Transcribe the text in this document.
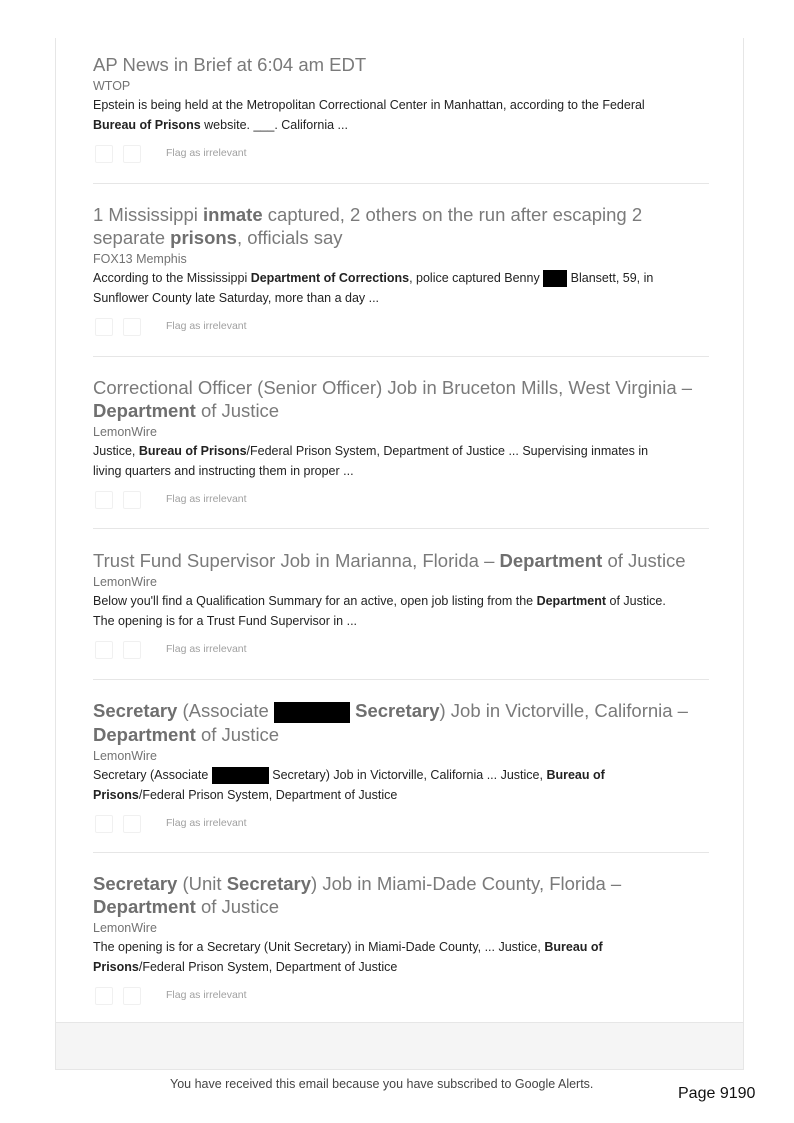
AP News in Brief at 6:04 am EDT
WTOP
Epstein is being held at the Metropolitan Correctional Center in Manhattan, according to the Federal
Bureau of Prisons website. ___. California ...
Flag as irrelevant
1 Mississippi inmate captured, 2 others on the run after escaping 2 separate prisons, officials say
FOX13 Memphis
According to the Mississippi Department of Corrections, police captured Benny  Blansett, 59, in
Sunflower County late Saturday, more than a day ...
Flag as irrelevant
Correctional Officer (Senior Officer) Job in Bruceton Mills, West Virginia – Department of Justice
LemonWire
Justice, Bureau of Prisons/Federal Prison System, Department of Justice ... Supervising inmates in
living quarters and instructing them in proper ...
Flag as irrelevant
Trust Fund Supervisor Job in Marianna, Florida – Department of Justice
LemonWire
Below you'll find a Qualification Summary for an active, open job listing from the Department of Justice.
The opening is for a Trust Fund Supervisor in ...
Flag as irrelevant
Secretary (Associate	Secretary) Job in Victorville, California – Department of Justice
LemonWire
Secretary (Associate	Secretary) Job in Victorville, California ... Justice, Bureau of
Prisons/Federal Prison System, Department of Justice
Flag as irrelevant
Secretary (Unit Secretary) Job in Miami-Dade County, Florida – Department of Justice
LemonWire
The opening is for a Secretary (Unit Secretary) in Miami-Dade County, ... Justice, Bureau of
Prisons/Federal Prison System, Department of Justice
Flag as irrelevant
You have received this email because you have subscribed to Google Alerts.
Page 9190
